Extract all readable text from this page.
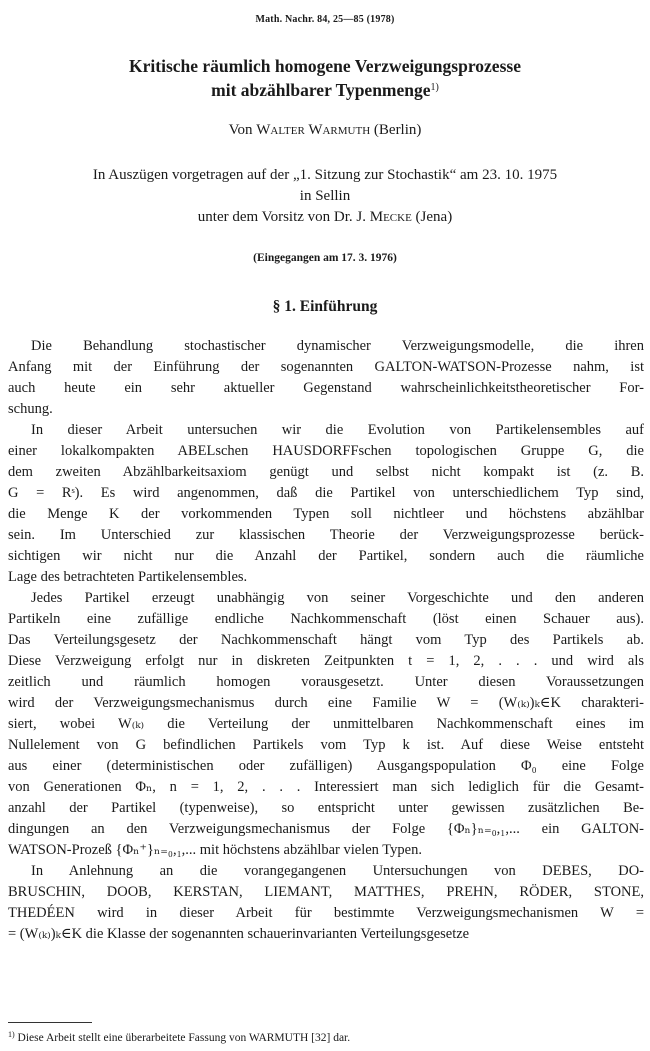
Math. Nachr. 84, 25—85 (1978)
Kritische räumlich homogene Verzweigungsprozesse
mit abzählbarer Typenmenge$^{1)}$
Von Walter Warmuth (Berlin)
In Auszügen vorgetragen auf der „1. Sitzung zur Stochastik“ am 23. 10. 1975
in Sellin
unter dem Vorsitz von Dr. J. Mecke (Jena)
(Eingegangen am 17. 3. 1976)
§ 1. Einführung

Die Behandlung stochastischer dynamischer Verzweigungsmodelle, die ihren
Anfang mit der Einführung der sogenannten GALTON-WATSON-Prozesse nahm, ist
auch heute ein sehr aktueller Gegenstand wahrscheinlichkeitstheoretischer For-
schung.

In dieser Arbeit untersuchen wir die Evolution von Partikelensembles auf
einer lokalkompakten ABELschen HAUSDORFFschen topologischen Gruppe G, die
dem zweiten Abzählbarkeitsaxiom genügt und selbst nicht kompakt ist (z. B.
G = Rˢ). Es wird angenommen, daß die Partikel von unterschiedlichem Typ sind,
die Menge K der vorkommenden Typen soll nichtleer und höchstens abzählbar
sein. Im Unterschied zur klassischen Theorie der Verzweigungsprozesse berück-
sichtigen wir nicht nur die Anzahl der Partikel, sondern auch die räumliche
Lage des betrachteten Partikelensembles.

Jedes Partikel erzeugt unabhängig von seiner Vorgeschichte und den anderen
Partikeln eine zufällige endliche Nachkommenschaft (löst einen Schauer aus).
Das Verteilungsgesetz der Nachkommenschaft hängt vom Typ des Partikels ab.
Diese Verzweigung erfolgt nur in diskreten Zeitpunkten t = 1, 2, . . . und wird als
zeitlich und räumlich homogen vorausgesetzt. Unter diesen Voraussetzungen
wird der Verzweigungsmechanismus durch eine Familie W = (W₍ₖ₎)ₖ∈K charakteri-
siert, wobei W₍ₖ₎ die Verteilung der unmittelbaren Nachkommenschaft eines im
Nullelement von G befindlichen Partikels vom Typ k ist. Auf diese Weise entsteht
aus einer (deterministischen oder zufälligen) Ausgangspopulation Φ₀ eine Folge
von Generationen Φₙ, n = 1, 2, . . . Interessiert man sich lediglich für die Gesamt-
anzahl der Partikel (typenweise), so entspricht unter gewissen zusätzlichen Be-
dingungen an den Verzweigungsmechanismus der Folge {Φₙ}ₙ₌₀,₁,... ein GALTON-
WATSON-Prozeß {Φₙ⁺}ₙ₌₀,₁,... mit höchstens abzählbar vielen Typen.

In Anlehnung an die vorangegangenen Untersuchungen von DEBES, DO-
BRUSCHIN, DOOB, KERSTAN, LIEMANT, MATTHES, PREHN, RÖDER, STONE,
THEDÉEN wird in dieser Arbeit für bestimmte Verzweigungsmechanismen W =
= (W₍ₖ₎)ₖ∈K die Klasse der sogenannten schauerinvarianten Verteilungsgesetze

$^{1)}$ Diese Arbeit stellt eine überarbeitete Fassung von WARMUTH [32] dar.
